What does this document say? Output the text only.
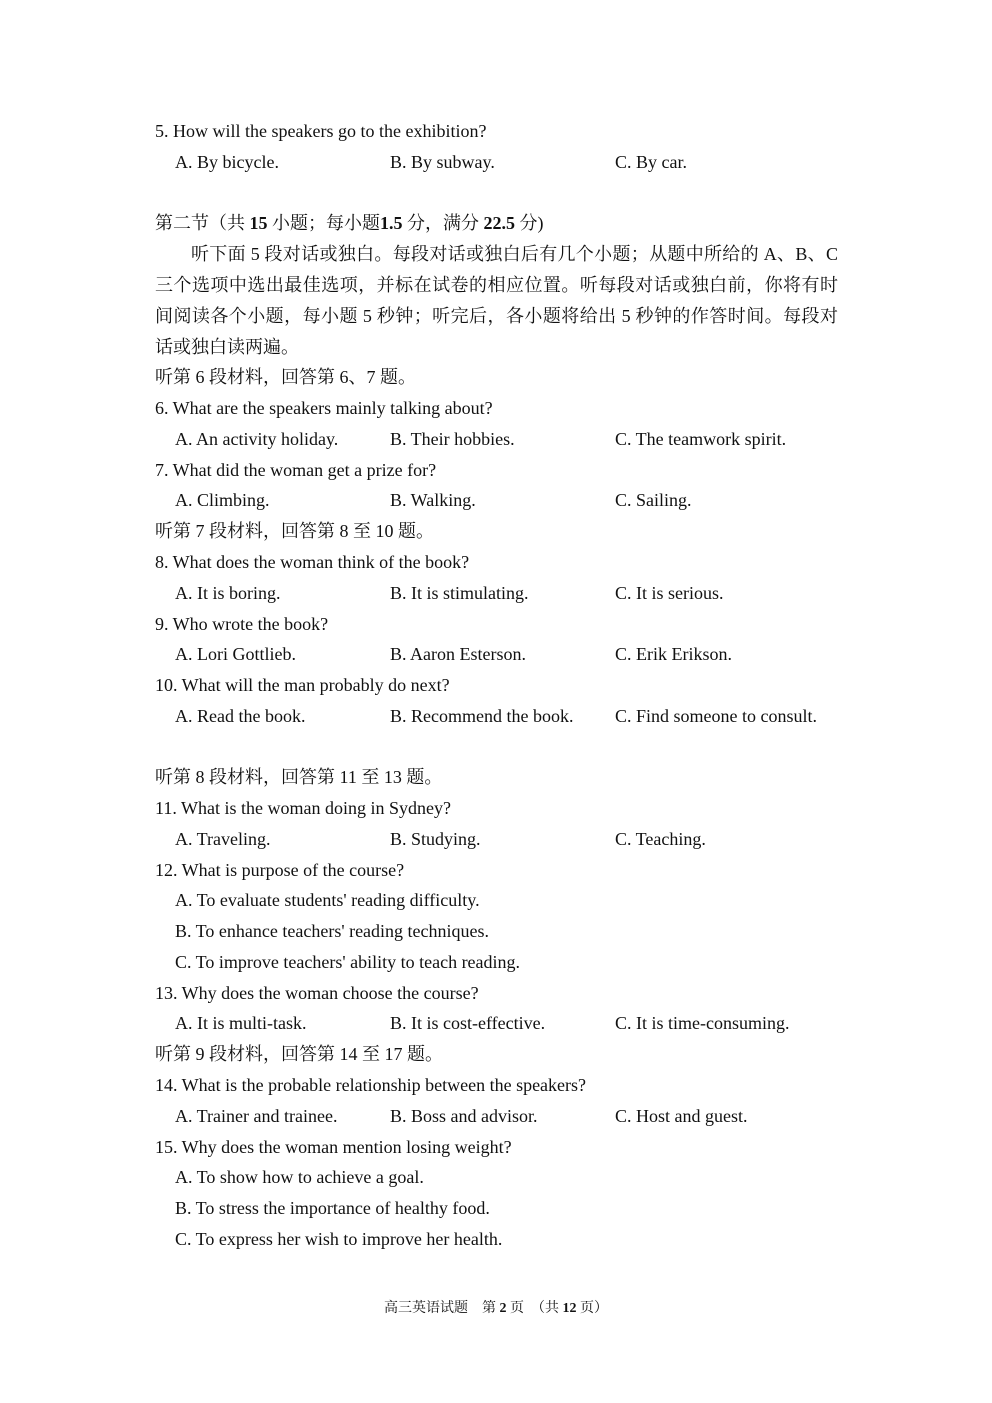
5. How will the speakers go to the exhibition?
A. By bicycle.	B. By subway.	C. By car.
第二节（共 15 小题；每小题1.5 分，满分 22.5 分)
听下面 5 段对话或独白。每段对话或独白后有几个小题；从题中所给的 A、B、C 三个选项中选出最佳选项，并标在试卷的相应位置。听每段对话或独白前，你将有时间阅读各个小题，每小题 5 秒钟；听完后，各小题将给出 5 秒钟的作答时间。每段对话或独白读两遍。
听第 6 段材料，回答第 6、7 题。
6. What are the speakers mainly talking about?
A. An activity holiday.	B. Their hobbies.	C. The teamwork spirit.
7. What did the woman get a prize for?
A. Climbing.	B. Walking.	C. Sailing.
听第 7 段材料，回答第 8 至 10 题。
8. What does the woman think of the book?
A. It is boring.	B. It is stimulating.	C. It is serious.
9. Who wrote the book?
A. Lori Gottlieb.	B. Aaron Esterson.	C. Erik Erikson.
10. What will the man probably do next?
A. Read the book.	B. Recommend the book. C. Find someone to consult.
听第 8 段材料，回答第 11 至 13 题。
11. What is the woman doing in Sydney?
A. Traveling.	B. Studying.	C. Teaching.
12. What is purpose of the course?
A. To evaluate students' reading difficulty.
B. To enhance teachers' reading techniques.
C. To improve teachers' ability to teach reading.
13. Why does the woman choose the course?
A. It is multi-task.	B. It is cost-effective.	C. It is time-consuming.
听第 9 段材料，回答第 14 至 17 题。
14. What is the probable relationship between the speakers?
A. Trainer and trainee.	B. Boss and advisor.	C. Host and guest.
15. Why does the woman mention losing weight?
A. To show how to achieve a goal.
B. To stress the importance of healthy food.
C. To express her wish to improve her health.
高三英语试题　第 2 页　（共 12 页）
